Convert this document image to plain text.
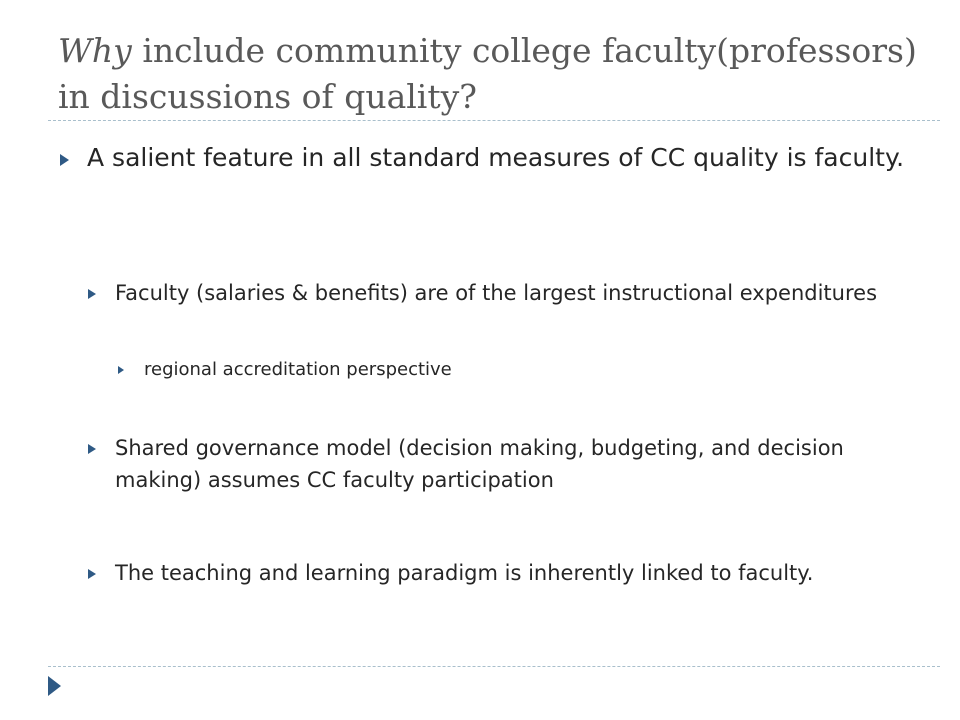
Why include community college faculty(professors) in discussions of quality?
A salient feature in all standard measures of CC quality is faculty.
Faculty (salaries & benefits) are of the largest instructional expenditures
regional accreditation perspective
Shared governance model (decision making, budgeting, and decision making) assumes CC faculty participation
The teaching and learning paradigm is inherently linked to faculty.
